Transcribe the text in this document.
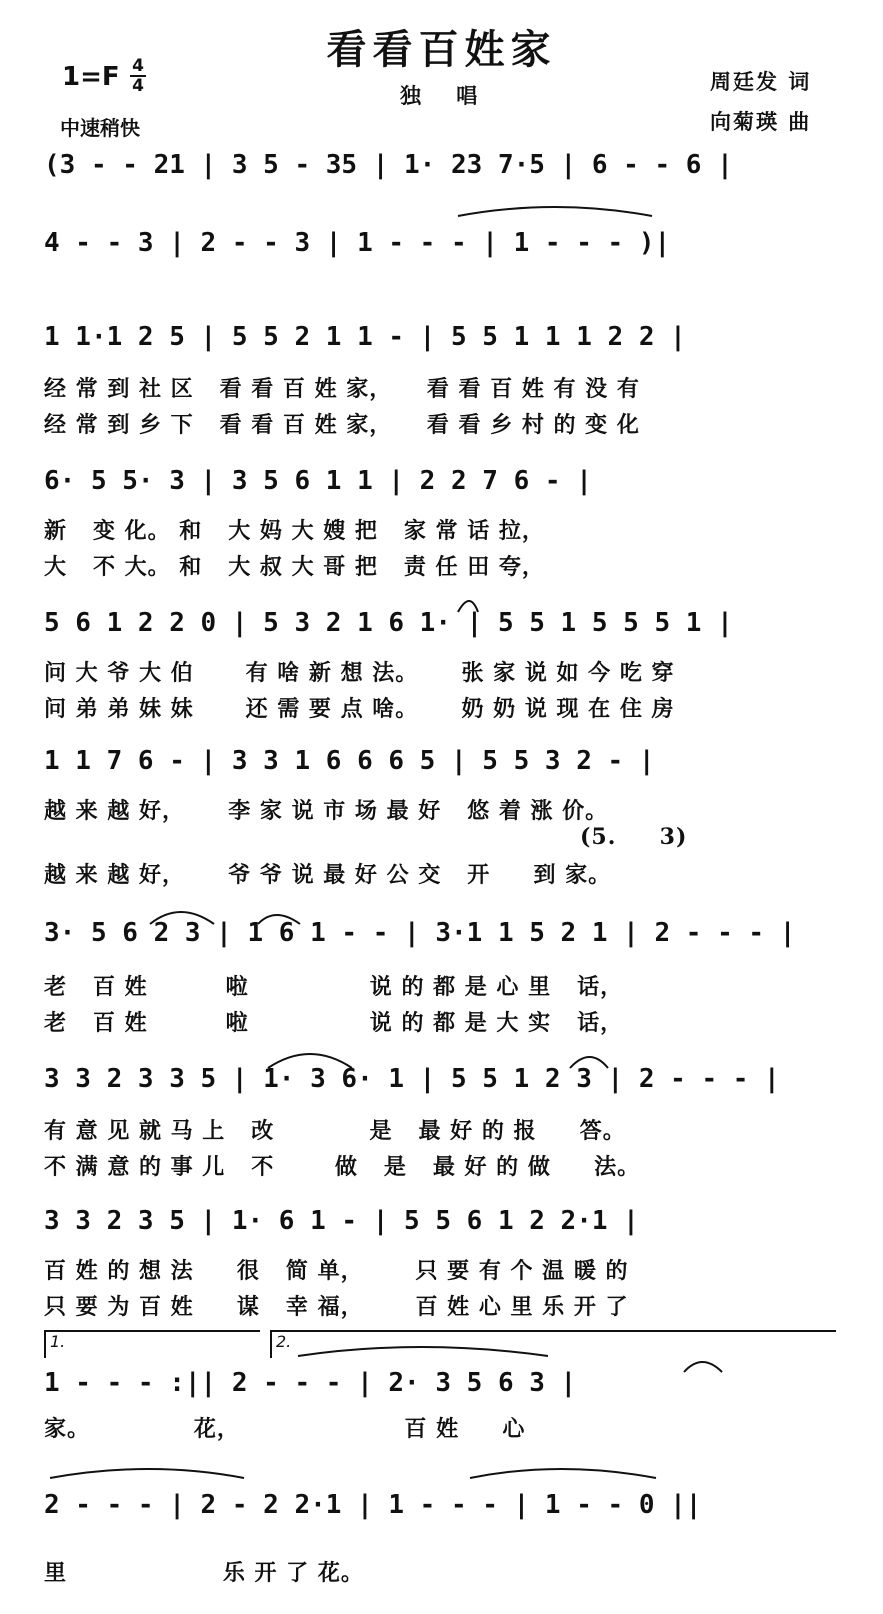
看看百姓家
1=F 4
4
中速稍快
独 唱
周廷发 词
向菊瑛 曲
(3 - - 21 | 3 5 - 35 | 1· 23 7·5 | 6 - - 6 |
4 - - 3 | 2 - - 3 | 1 - - - | 1 - - - )|
1 1·1 2 5 | 5 5 2 1 1 - | 5 5 1 1 1 2 2 |
经 常 到 社 区   看 看 百 姓 家，    看 看 百 姓 有 没 有
经 常 到 乡 下   看 看 百 姓 家，    看 看 乡 村 的 变 化
6· 5 5· 3 | 3 5 6 1 1 | 2 2 7 6 - |
新   变 化。 和   大 妈 大 嫂 把   家 常 话 拉，
大   不 大。 和   大 叔 大 哥 把   责 任 田 夸，
5 6 1 2 2 0 | 5 3 2 1 6 1· | 5 5 1 5 5 5 1 |
问 大 爷 大 伯      有 啥 新 想 法。     张 家 说 如 今 吃 穿
问 弟 弟 妹 妹      还 需 要 点 啥。     奶 奶 说 现 在 住 房
1 1 7 6 - | 3 3 1 6 6 6 5 | 5 5 3 2 - |
越 来 越 好，     李 家 说 市 场 最 好   悠 着 涨 价。
(5.     3)
越 来 越 好，     爷 爷 说 最 好 公 交   开     到 家。
3· 5 6 2 3 | 1 6 1 - - | 3·1 1 5 2 1 | 2 - - - |
老   百 姓         啦              说 的 都 是 心 里   话，
老   百 姓         啦              说 的 都 是 大 实   话，
3 3 2 3 3 5 | 1· 3 6· 1 | 5 5 1 2 3 | 2 - - - |
有 意 见 就 马 上   改           是   最 好 的 报     答。
不 满 意 的 事 儿   不       做   是   最 好 的 做     法。
3 3 2 3 5 | 1· 6 1 - | 5 5 6 1 2 2·1 |
百 姓 的 想 法     很   简 单，      只 要 有 个 温 暖 的
只 要 为 百 姓     谋   幸 福，      百 姓 心 里 乐 开 了
1.	2.
1 - - - :|| 2 - - - | 2· 3 5 6 3 |
家。            花，                   百 姓     心
2 - - - | 2 - 2 2·1 | 1 - - - | 1 - - 0 ||
里                  乐 开 了 花。
